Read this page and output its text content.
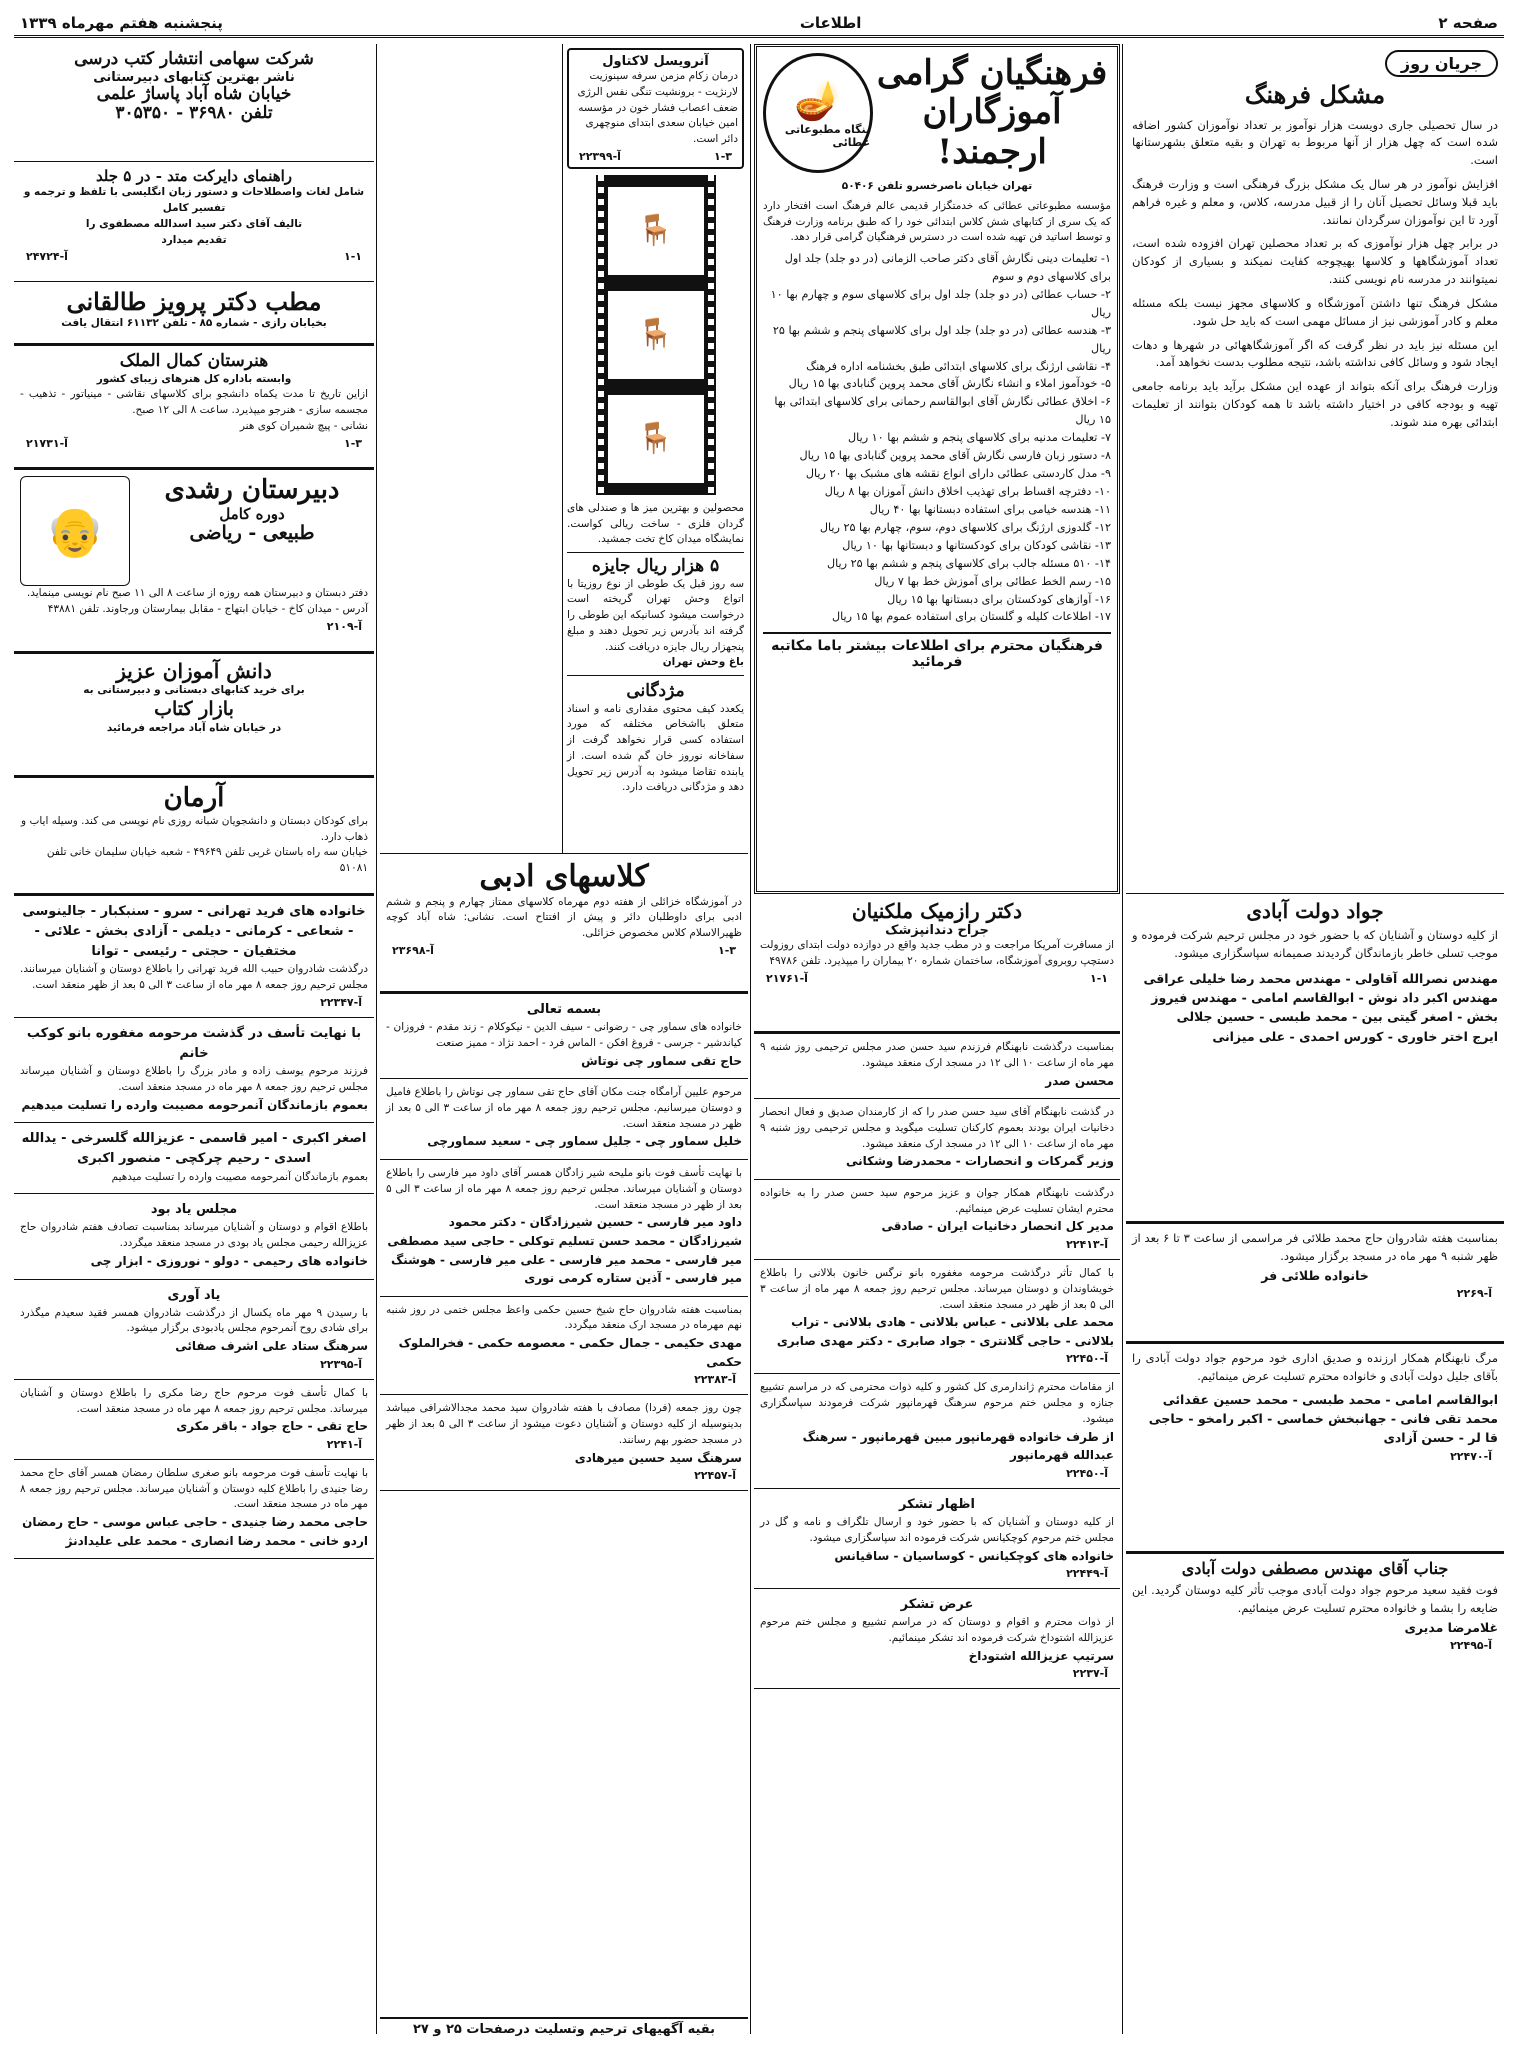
صفحه ۲
اطلاعات
پنجشنبه هفتم مهرماه ۱۳۳۹
جریان روز
مشکل فرهنگ

در سال تحصیلی جاری دویست هزار نوآموز بر تعداد نوآموزان کشور اضافه شده است که چهل هزار از آنها مربوط به تهران و بقیه متعلق بشهرستانها است.

افزایش نوآموز در هر سال یک مشکل بزرگ فرهنگی است و وزارت فرهنگ باید قبلا وسائل تحصیل آنان را از قبیل مدرسه، کلاس، و معلم و غیره فراهم آورد تا این نوآموزان سرگردان نمانند.

در برابر چهل هزار نوآموزی که بر تعداد محصلین تهران افزوده شده است، تعداد آموزشگاهها و کلاسها بهیچوجه کفایت نمیکند و بسیاری از کودکان نمیتوانند در مدرسه نام نویسی کنند.

مشکل فرهنگ تنها داشتن آموزشگاه و کلاسهای مجهز نیست بلکه مسئله معلم و کادر آموزشی نیز از مسائل مهمی است که باید حل شود.

این مسئله نیز باید در نظر گرفت که اگر آموزشگاههائی در شهرها و دهات ایجاد شود و وسائل کافی نداشته باشد، نتیجه مطلوب بدست نخواهد آمد.

وزارت فرهنگ برای آنکه بتواند از عهده این مشکل برآید باید برنامه جامعی تهیه و بودجه کافی در اختیار داشته باشد تا همه کودکان بتوانند از تعلیمات ابتدائی بهره مند شوند.

جواد دولت آبادی

از کلیه دوستان و آشنایان که با حضور خود در مجلس ترحیم شرکت فرموده و موجب تسلی خاطر بازماندگان گردیدند صمیمانه سپاسگزاری میشود.

مهندس نصرالله آقاولی - مهندس محمد رضا خلیلی عراقی
مهندس اکبر داد نوش - ابوالقاسم امامی - مهندس فیروز
بخش - اصغر گیتی بین - محمد طبسی - حسین جلالی
ایرج اختر خاوری - کورس احمدی - علی میزانی

بمناسبت هفته شادروان حاج محمد طلائی فر مراسمی از ساعت ۳ تا ۶ بعد از ظهر شنبه ۹ مهر ماه در مسجد برگزار میشود.

خانواده طلائی فر
آ-۲۲۶۹

مرگ نابهنگام همکار ارزنده و صدیق اداری خود مرحوم جواد دولت آبادی را بآقای جلیل دولت آبادی و خانواده محترم تسلیت عرض مینمائیم.

ابوالقاسم امامی - محمد طبسی - محمد حسین عقدائی
محمد تقی فانی - جهانبخش خماسی - اکبر رامخو - حاجی
قا لر - حسن آزادی
آ-۲۲۴۷۰
جناب آقای مهندس مصطفی دولت آبادی

فوت فقید سعید مرحوم جواد دولت آبادی موجب تأثر کلیه دوستان گردید. این ضایعه را بشما و خانواده محترم تسلیت عرض مینمائیم.

غلامرضا مدیری
آ-۲۲۴۹۵
فرهنگیان گرامی
آموزگاران ارجمند!
🪔
بنگاه مطبوعاتی عطائی
تهران خیابان ناصرخسرو تلفن ۵۰۴۰۶

مؤسسه مطبوعاتی عطائی که خدمتگزار قدیمی عالم فرهنگ است افتخار دارد که یک سری از کتابهای شش کلاس ابتدائی خود را که طبق برنامه وزارت فرهنگ و توسط اساتید فن تهیه شده است در دسترس فرهنگیان گرامی قرار دهد.

۱- تعلیمات دینی نگارش آقای دکتر صاحب الزمانی (در دو جلد) جلد اول برای کلاسهای دوم و سوم
۲- حساب عطائی (در دو جلد) جلد اول برای کلاسهای سوم و چهارم بها ۱۰ ریال
۳- هندسه عطائی (در دو جلد) جلد اول برای کلاسهای پنجم و ششم بها ۲۵ ریال
۴- نقاشی ارژنگ برای کلاسهای ابتدائی طبق بخشنامه اداره فرهنگ
۵- خودآموز املاء و انشاء نگارش آقای محمد پروین گنابادی بها ۱۵ ریال
۶- اخلاق عطائی نگارش آقای ابوالقاسم رحمانی برای کلاسهای ابتدائی بها ۱۵ ریال
۷- تعلیمات مدنیه برای کلاسهای پنجم و ششم بها ۱۰ ریال
۸- دستور زبان فارسی نگارش آقای محمد پروین گنابادی بها ۱۵ ریال
۹- مدل کاردستی عطائی دارای انواع نقشه های مشبک بها ۲۰ ریال
۱۰- دفترچه اقساط برای تهذیب اخلاق دانش آموزان بها ۸ ریال
۱۱- هندسه خیامی برای استفاده دبستانها بها ۴۰ ریال
۱۲- گلدوزی ارژنگ برای کلاسهای دوم، سوم، چهارم بها ۲۵ ریال
۱۳- نقاشی کودکان برای کودکستانها و دبستانها بها ۱۰ ریال
۱۴- ۵۱۰ مسئله جالب برای کلاسهای پنجم و ششم بها ۲۵ ریال
۱۵- رسم الخط عطائی برای آموزش خط بها ۷ ریال
۱۶- آوازهای کودکستان برای دبستانها بها ۱۵ ریال
۱۷- اطلاعات کلیله و گلستان برای استفاده عموم بها ۱۵ ریال
فرهنگیان محترم برای اطلاعات بیشتر باما مکاتبه فرمائید
دکتر رازمیک ملکنیان
جراح دندانپزشک

از مسافرت آمریکا مراجعت و در مطب جدید واقع در دوازده دولت ابتدای روزولت دستچپ روبروی آموزشگاه، ساختمان شماره ۲۰ بیماران را میپذیرد. تلفن ۴۹۷۸۶

۱-۱
آ-۲۱۷۶۱
بمناسبت درگذشت نابهنگام فرزندم سید حسن صدر مجلس ترحیمی روز شنبه ۹ مهر ماه از ساعت ۱۰ الی ۱۲ در مسجد ارک منعقد میشود.
محسن صدر
در گذشت نابهنگام آقای سید حسن صدر را که از کارمندان صدیق و فعال انحصار دخانیات ایران بودند بعموم کارکنان تسلیت میگوید و مجلس ترحیمی روز شنبه ۹ مهر ماه از ساعت ۱۰ الی ۱۲ در مسجد ارک منعقد میشود.
وزیر گمرکات و انحصارات - محمدرضا وشکانی
درگذشت نابهنگام همکار جوان و عزیز مرحوم سید حسن صدر را به خانواده محترم ایشان تسلیت عرض مینمائیم.
مدیر کل انحصار دخانیات ایران - صادقی
آ-۲۲۴۱۳
با کمال تأثر درگذشت مرحومه مغفوره بانو نرگس خانون بلالانی را باطلاع خویشاوندان و دوستان میرساند. مجلس ترحیم روز جمعه ۸ مهر ماه از ساعت ۳ الی ۵ بعد از ظهر در مسجد منعقد است.
محمد علی بلالانی - عباس بلالانی - هادی بلالانی - تراب بلالانی - حاجی گلانتری - جواد صابری - دکتر مهدی صابری
آ-۲۲۴۵۰
از مقامات محترم ژاندارمری کل کشور و کلیه ذوات محترمی که در مراسم تشییع جنازه و مجلس ختم مرحوم سرهنگ قهرمانپور شرکت فرمودند سپاسگزاری میشود.
از طرف خانواده قهرمانپور مبین قهرمانپور - سرهنگ عبدالله قهرمانپور
آ-۲۲۴۵۰
اظهار تشکر
از کلیه دوستان و آشنایان که با حضور خود و ارسال تلگراف و نامه و گل در مجلس ختم مرحوم کوچکیانس شرکت فرموده اند سپاسگزاری میشود.
خانواده های کوچکیانس - کوساسیان - ساقیانس
آ-۲۲۴۴۹
عرض تشکر
از ذوات محترم و اقوام و دوستان که در مراسم تشییع و مجلس ختم مرحوم عزیزالله اشتوداخ شرکت فرموده اند تشکر مینمائیم.
سرتیپ عزیزالله اشتوداخ
آ-۲۲۳۷
آنرویسل لاکتاول

درمان زکام مزمن سرفه سینوزیت لارنژیت - برونشیت تنگی نفس الرژی ضعف اعصاب فشار خون در مؤسسه امین خیابان سعدی ابتدای منوچهری دائر است.

۱-۳
آ-۲۲۳۹۹
🪑
🪑
🪑

محصولین و بهترین میز ها و صندلی های گردان فلزی - ساخت ریالی کواست. نمایشگاه میدان کاخ تخت جمشید.

۵ هزار ریال جایزه

سه روز قبل یک طوطی از نوع روزیتا با اتواع وحش تهران گریخته است درخواست میشود کسانیکه این طوطی را گرفته اند بآدرس زیر تحویل دهند و مبلغ پنجهزار ریال جایزه دریافت کنند.

باغ وحش تهران
مژدگانی

یکعدد کیف محتوی مقداری نامه و اسناد متعلق بااشخاص مختلفه که مورد استفاده کسی قرار نخواهد گرفت از سفاخانه نوروز خان گم شده است. از یابنده تقاضا میشود به آدرس زیر تحویل دهد و مژدگانی دریافت دارد.

کلاسهای ادبی

در آموزشگاه خزائلی از هفته دوم مهرماه کلاسهای ممتاز چهارم و پنجم و ششم ادبی برای داوطلبان دائر و پیش از افتتاح است. نشانی: شاه آباد کوچه ظهیرالاسلام کلاس مخصوص خزائلی.

۱-۳
آ-۲۳۶۹۸
بسمه تعالی
خانواده های سماور چی - رضوانی - سیف الدین - نیکوکلام - زند مقدم - فروزان - کیاندشیر - جرسی - فروغ افکن - الماس فرد - احمد نژاد - ممیز صنعت
حاج تقی سماور چی نوتاش
مرحوم علیین آرامگاه جنت مکان آقای حاج تقی سماور چی نوتاش را باطلاع فامیل و دوستان میرسانیم. مجلس ترحیم روز جمعه ۸ مهر ماه از ساعت ۳ الی ۵ بعد از ظهر در مسجد منعقد است.
خلیل سماور چی - جلیل سماور چی - سعید سماورچی
با نهایت تأسف فوت بانو ملیحه شیر زادگان همسر آقای داود میر فارسی را باطلاع دوستان و آشنایان میرساند. مجلس ترحیم روز جمعه ۸ مهر ماه از ساعت ۳ الی ۵ بعد از ظهر در مسجد منعقد است.
داود میر فارسی - حسین شیرزادگان - دکتر محمود شیرزادگان - محمد حسن تسلیم توکلی - حاجی سید مصطفی میر فارسی - محمد میر فارسی - علی میر فارسی - هوشنگ میر فارسی - آذین ستاره کرمی نوری
بمناسبت هفته شادروان حاج شیخ حسین حکمی واعظ مجلس ختمی در روز شنبه نهم مهرماه در مسجد ارک منعقد میگردد.
مهدی حکیمی - جمال حکمی - معصومه حکمی - فخرالملوک حکمی
آ-۲۲۳۸۳
چون روز جمعه (فردا) مصادف با هفته شادروان سید محمد مجدالاشرافی میباشد بدینوسیله از کلیه دوستان و آشنایان دعوت میشود از ساعت ۳ الی ۵ بعد از ظهر در مسجد حضور بهم رسانند.
سرهنگ سید حسین میرهادی
آ-۲۲۴۵۷
بقیه آگهیهای ترحیم وتسلیت درصفحات ۲۵ و ۲۷
شرکت سهامی انتشار کتب درسی
ناشر بهترین کتابهای دبیرستانی
خیابان شاه آباد پاساژ علمی
تلفن ۳۶۹۸۰ - ۳۰۵۳۵۰
راهنمای دایرکت متد - در ۵ جلد
شامل لغات واصطلاحات و دستور زبان انگلیسی با تلفظ و ترجمه و تفسیر کامل
تالیف آقای دکتر سید اسدالله مصطفوی را
تقدیم میدارد
۱-۱
آ-۲۴۷۲۴
مطب دکتر پرویز طالقانی
بخیابان رازی - شماره ۸۵ - تلفن ۶۱۱۳۲ انتقال یافت
هنرستان کمال الملک
وابسته باداره کل هنرهای زیبای کشور

ازاین تاریخ تا مدت یکماه دانشجو برای کلاسهای نقاشی - مینیاتور - تذهیب - مجسمه سازی - هنرجو میپذیرد. ساعت ۸ الی ۱۲ صبح.

نشانی - پیچ شمیران کوی هنر
۱-۳
آ-۲۱۷۳۱
دبیرستان رشدی
دوره کامل
طبیعی - ریاضی
👴

دفتر دبستان و دبیرستان همه روزه از ساعت ۸ الی ۱۱ صبح نام نویسی مینماید.

آدرس - میدان کاخ - خیابان ابتهاج - مقابل بیمارستان ورجاوند. تلفن ۴۳۸۸۱

آ-۲۱۰۹
دانش آموزان عزیز
برای خرید کتابهای دبستانی و دبیرستانی به
بازار کتاب
در خیابان شاه آباد مراجعه فرمائید
آرمان

برای کودکان دبستان و دانشجویان شبانه روزی نام نویسی می کند. وسیله ایاب و ذهاب دارد.

خیابان سه راه باستان غربی تلفن ۴۹۶۴۹ - شعبه خیابان سلیمان خانی تلفن ۵۱۰۸۱

خانواده های فرید تهرانی - سرو - سنبکبار - جالینوسی - شعاعی - کرمانی - دیلمی - آزادی بخش - علائی - مختفیان - حجتی - رئیسی - توانا
درگذشت شادروان حبیب الله فرید تهرانی را باطلاع دوستان و آشنایان میرسانند. مجلس ترحیم روز جمعه ۸ مهر ماه از ساعت ۳ الی ۵ بعد از ظهر منعقد است.
آ-۲۲۳۴۷
با نهایت تأسف در گذشت مرحومه مغفوره بانو کوکب خانم
فرزند مرحوم یوسف زاده و مادر بزرگ را باطلاع دوستان و آشنایان میرساند مجلس ترحیم روز جمعه ۸ مهر ماه در مسجد منعقد است.
بعموم بازماندگان آنمرحومه مصیبت وارده را تسلیت میدهیم
اصغر اکبری - امیر قاسمی - عزیزالله گلسرخی - یدالله اسدی - رحیم چرکچی - منصور اکبری
بعموم بازماندگان آنمرحومه مصیبت وارده را تسلیت میدهیم
مجلس یاد بود
باطلاع اقوام و دوستان و آشنایان میرساند بمناسبت تصادف هفتم شادروان حاج عزیزالله رحیمی مجلس یاد بودی در مسجد منعقد میگردد.
خانواده های رحیمی - دولو - نوروزی - ابزار چی
یاد آوری
با رسیدن ۹ مهر ماه یکسال از درگذشت شادروان همسر فقید سعیدم میگذرد برای شادی روح آنمرحوم مجلس یادبودی برگزار میشود.
سرهنگ ستاد علی اشرف صفائی
آ-۲۲۳۹۵
با کمال تأسف فوت مرحوم حاج رضا مکری را باطلاع دوستان و آشنایان میرساند. مجلس ترحیم روز جمعه ۸ مهر ماه در مسجد منعقد است.
حاج تقی - حاج جواد - باقر مکری
آ-۲۲۴۱
با نهایت تأسف فوت مرحومه بانو صغری سلطان رمضان همسر آقای حاج محمد رضا جنیدی را باطلاع کلیه دوستان و آشنایان میرساند. مجلس ترحیم روز جمعه ۸ مهر ماه در مسجد منعقد است.
حاجی محمد رضا جنیدی - حاجی عباس موسی - حاج رمضان اردو خانی - محمد رضا انصاری - محمد علی علیدادنژ
